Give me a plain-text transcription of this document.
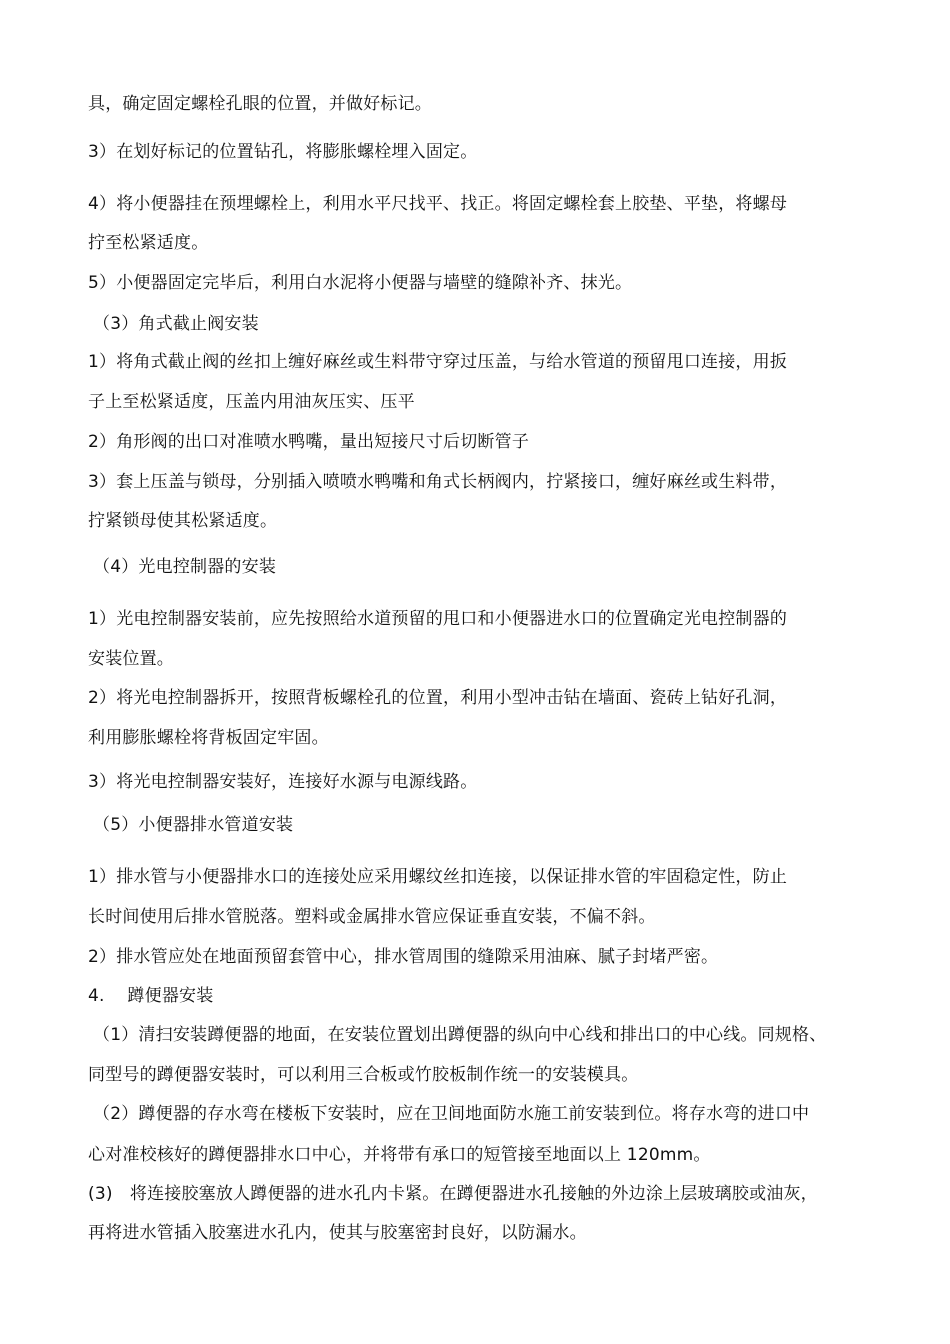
具，确定固定螺栓孔眼的位置，并做好标记。

3）在划好标记的位置钻孔，将膨胀螺栓埋入固定。

4）将小便器挂在预埋螺栓上，利用水平尺找平、找正。将固定螺栓套上胶垫、平垫，将螺母

拧至松紧适度。

5）小便器固定完毕后，利用白水泥将小便器与墙壁的缝隙补齐、抹光。

（3）角式截止阀安装

1）将角式截止阀的丝扣上缠好麻丝或生料带守穿过压盖，与给水管道的预留甩口连接，用扳

子上至松紧适度，压盖内用油灰压实、压平

2）角形阀的出口对准喷水鸭嘴，量出短接尺寸后切断管子

3）套上压盖与锁母，分别插入喷喷水鸭嘴和角式长柄阀内，拧紧接口，缠好麻丝或生料带，

拧紧锁母使其松紧适度。

（4）光电控制器的安装

1）光电控制器安装前，应先按照给水道预留的甩口和小便器进水口的位置确定光电控制器的

安装位置。

2）将光电控制器拆开，按照背板螺栓孔的位置，利用小型冲击钻在墙面、瓷砖上钻好孔洞，

利用膨胀螺栓将背板固定牢固。

3）将光电控制器安装好，连接好水源与电源线路。

（5）小便器排水管道安装

1）排水管与小便器排水口的连接处应采用螺纹丝扣连接，以保证排水管的牢固稳定性，防止

长时间使用后排水管脱落。塑料或金属排水管应保证垂直安装，不偏不斜。

2）排水管应处在地面预留套管中心，排水管周围的缝隙采用油麻、腻子封堵严密。

4.　 蹲便器安装

（1）清扫安装蹲便器的地面，在安装位置划出蹲便器的纵向中心线和排出口的中心线。同规格、

同型号的蹲便器安装时，可以利用三合板或竹胶板制作统一的安装模具。

（2）蹲便器的存水弯在楼板下安装时，应在卫间地面防水施工前安装到位。将存水弯的进口中

心对准校核好的蹲便器排水口中心，并将带有承口的短管接至地面以上 120mm。

(3)　将连接胶塞放人蹲便器的进水孔内卡紧。在蹲便器进水孔接触的外边涂上层玻璃胶或油灰，

再将进水管插入胶塞进水孔内，使其与胶塞密封良好，以防漏水。
